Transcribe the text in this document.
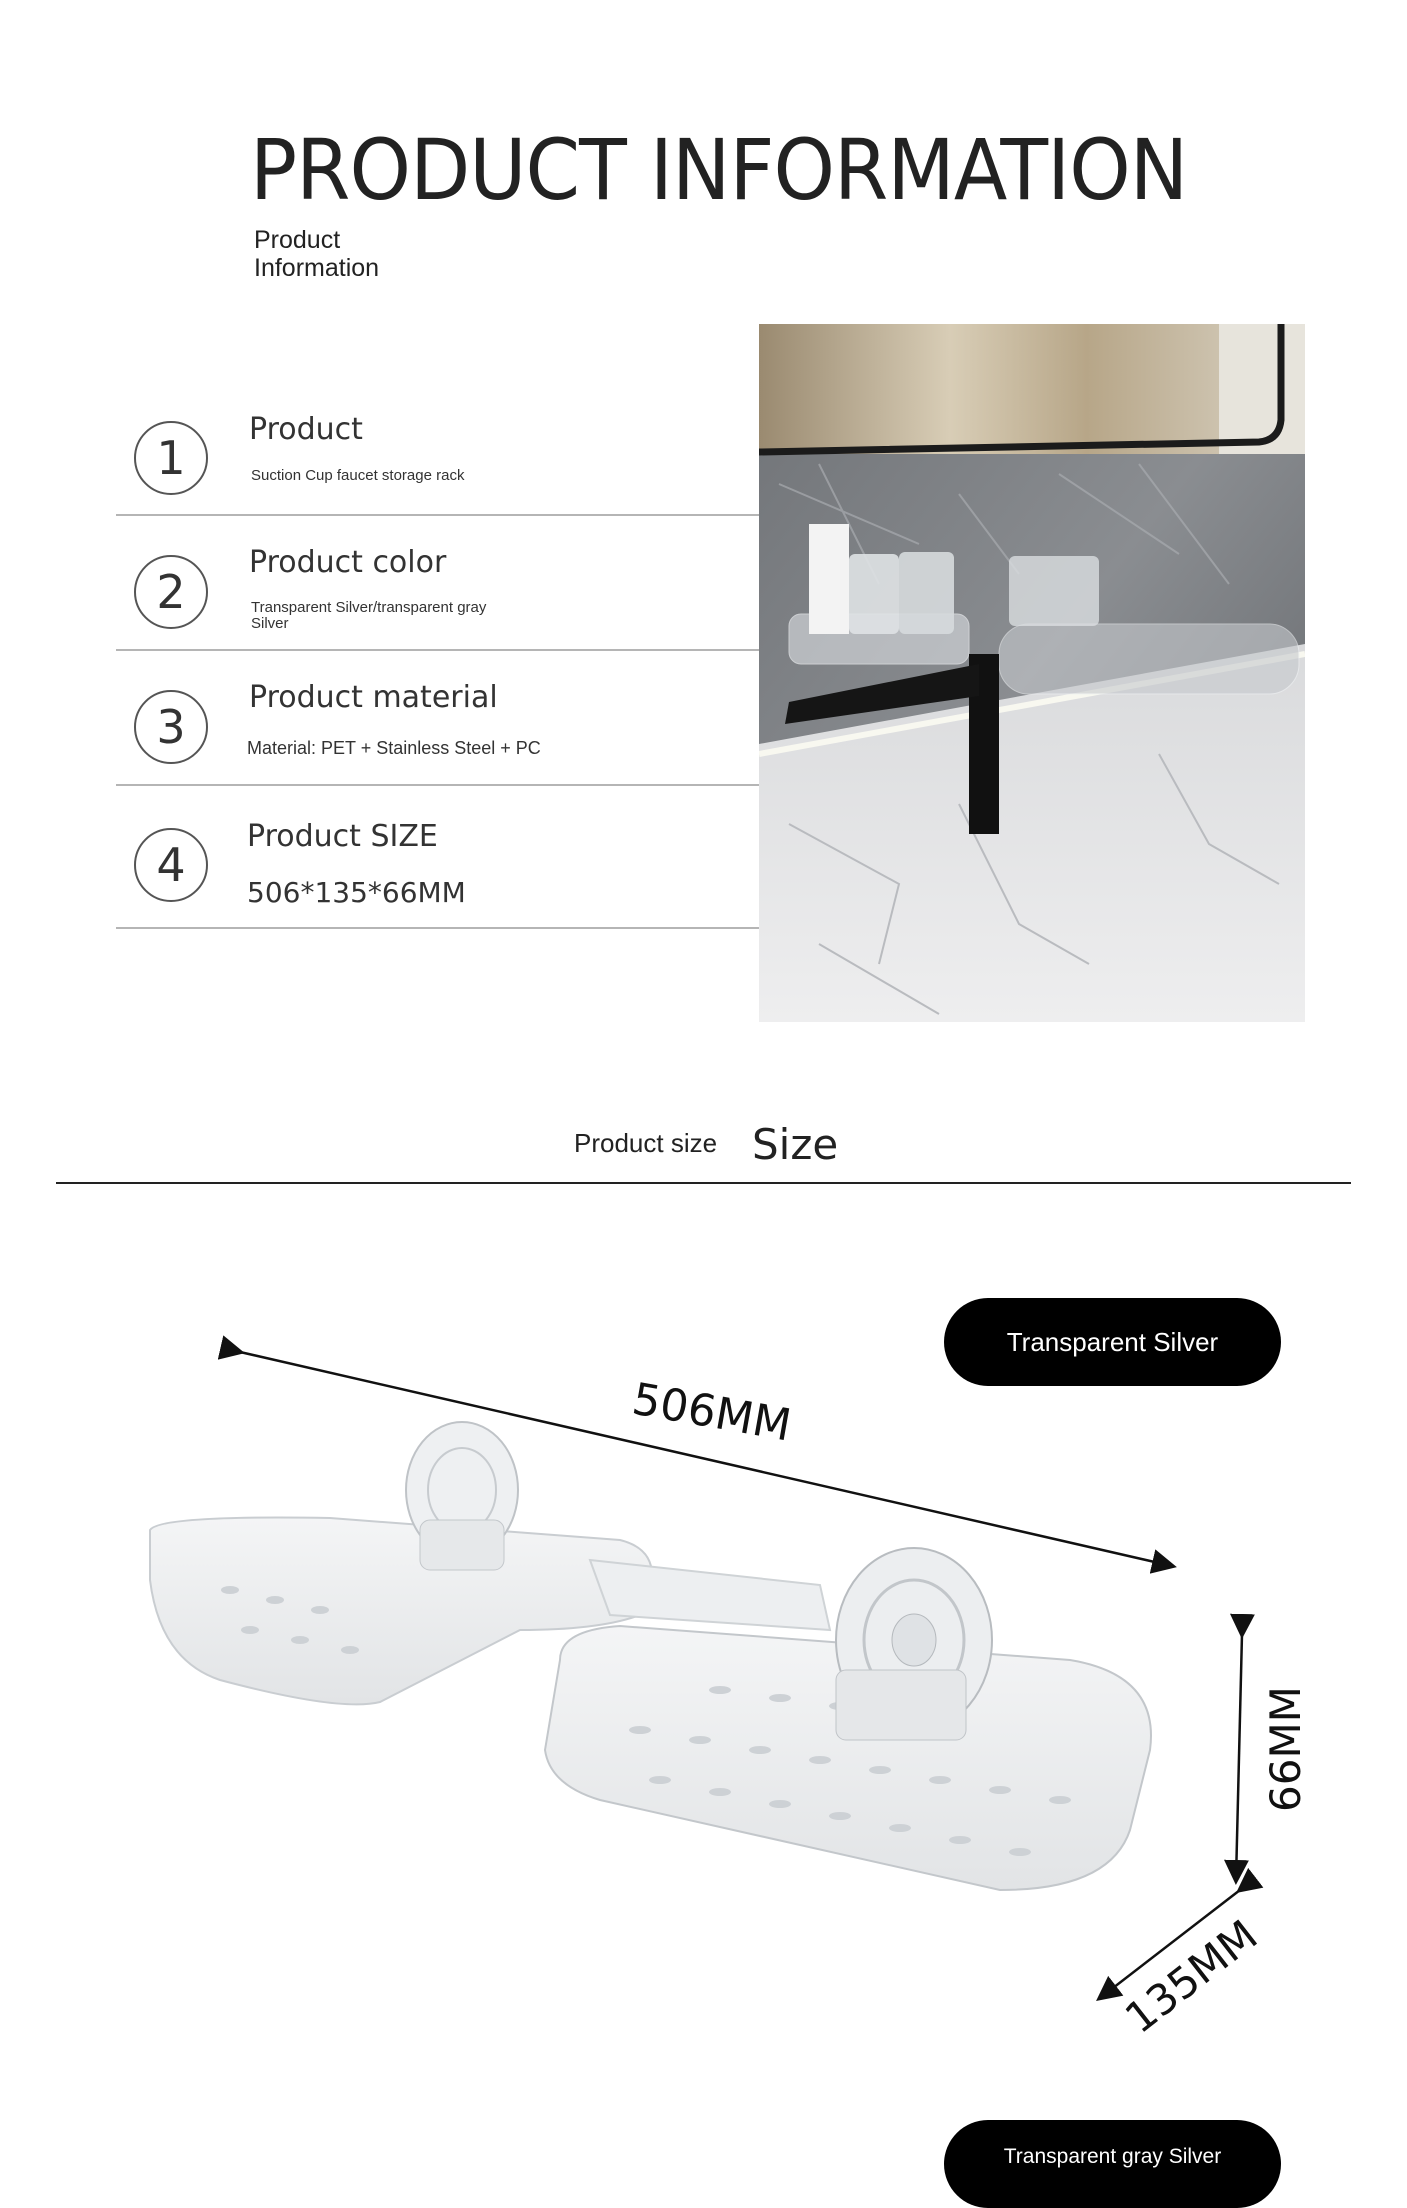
PRODUCT INFORMATION
Product
Information
1
Product
Suction Cup faucet storage rack
2
Product color
Transparent Silver/transparent gray
Silver
3
Product material
Material: PET + Stainless Steel + PC
4
Product SIZE
506*135*66MM
Product size Size
Transparent Silver
506MM
66MM
135MM
Transparent gray Silver
